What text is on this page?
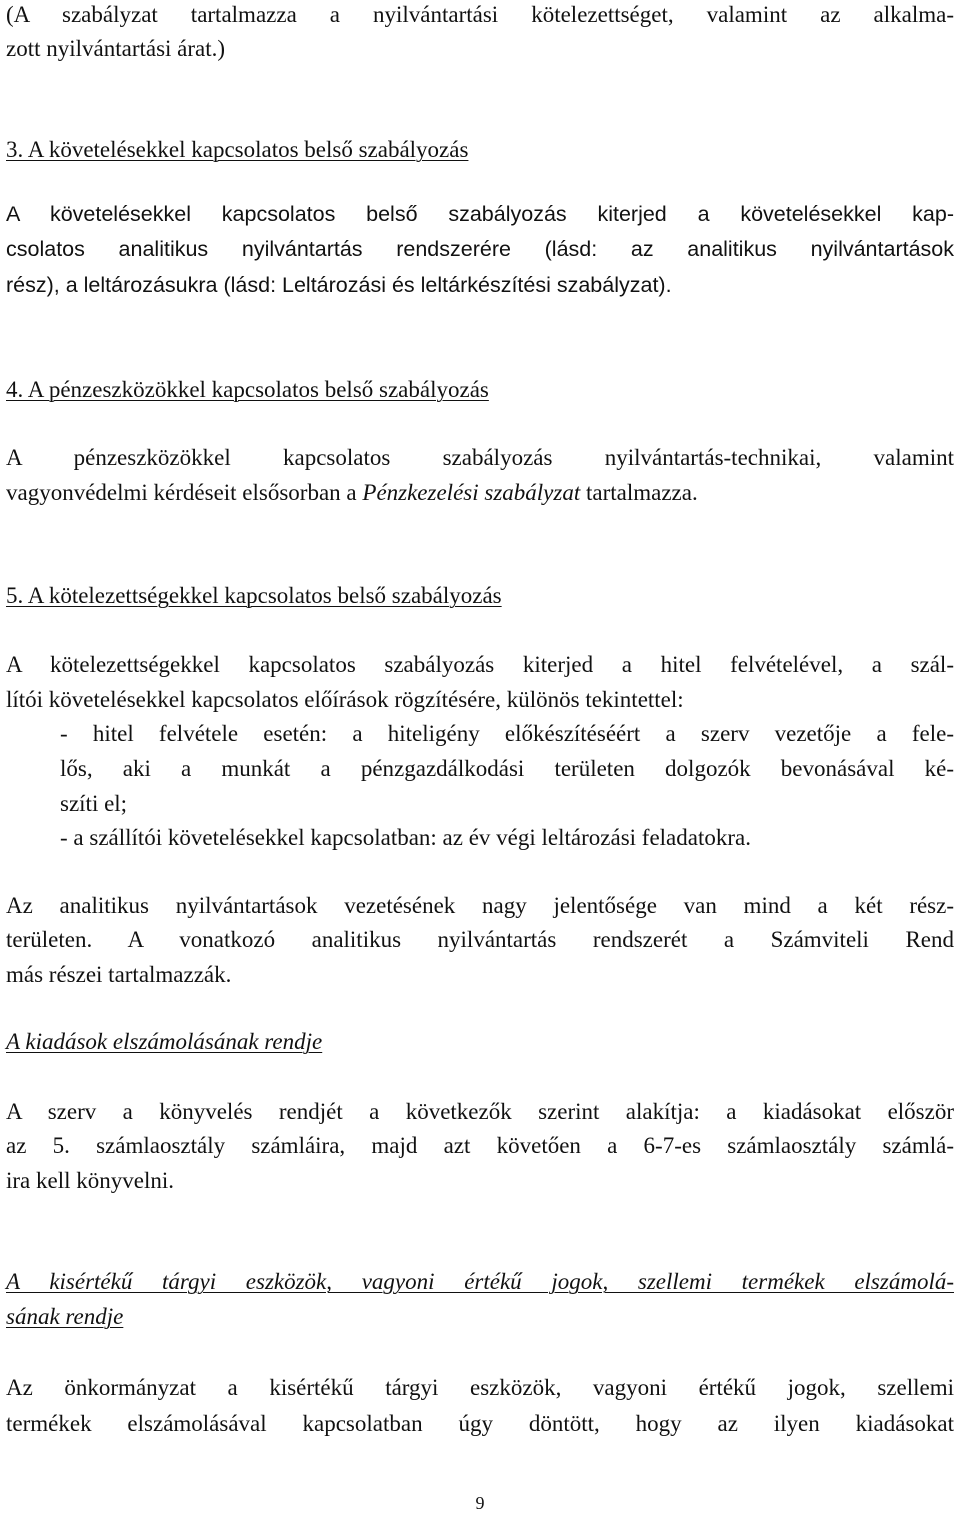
(A szabályzat tartalmazza a nyilvántartási kötelezettséget, valamint az alkalma-

zott nyilvántartási árat.)

3. A követelésekkel kapcsolatos belső szabályozás

A követelésekkel kapcsolatos belső szabályozás kiterjed a követelésekkel kap-

csolatos analitikus nyilvántartás rendszerére (lásd: az analitikus nyilvántartások

rész), a leltározásukra (lásd: Leltározási és leltárkészítési szabályzat).

4. A pénzeszközökkel kapcsolatos belső szabályozás

A pénzeszközökkel kapcsolatos szabályozás nyilvántartás-technikai, valamint

vagyonvédelmi kérdéseit elsősorban a Pénzkezelési szabályzat tartalmazza.

5. A kötelezettségekkel kapcsolatos belső szabályozás

A kötelezettségekkel kapcsolatos szabályozás kiterjed a hitel felvételével, a szál-

lítói követelésekkel kapcsolatos előírások rögzítésére, különös tekintettel:

- hitel felvétele esetén: a hiteligény előkészítéséért a szerv vezetője a fele-

lős, aki a munkát a pénzgazdálkodási területen dolgozók bevonásával ké-

szíti el;

- a szállítói követelésekkel kapcsolatban: az év végi leltározási feladatokra.

Az analitikus nyilvántartások vezetésének nagy jelentősége van mind a két rész-

területen. A vonatkozó analitikus nyilvántartás rendszerét a Számviteli Rend

más részei tartalmazzák.

A kiadások elszámolásának rendje

A szerv a könyvelés rendjét a következők szerint alakítja: a kiadásokat először

az 5. számlaosztály számláira, majd azt követően a 6-7-es számlaosztály számlá-

ira kell könyvelni.

A kisértékű tárgyi eszközök, vagyoni értékű jogok, szellemi termékek elszámolá-

sának rendje

Az önkormányzat a kisértékű tárgyi eszközök, vagyoni értékű jogok, szellemi

termékek elszámolásával kapcsolatban úgy döntött, hogy az ilyen kiadásokat

9
